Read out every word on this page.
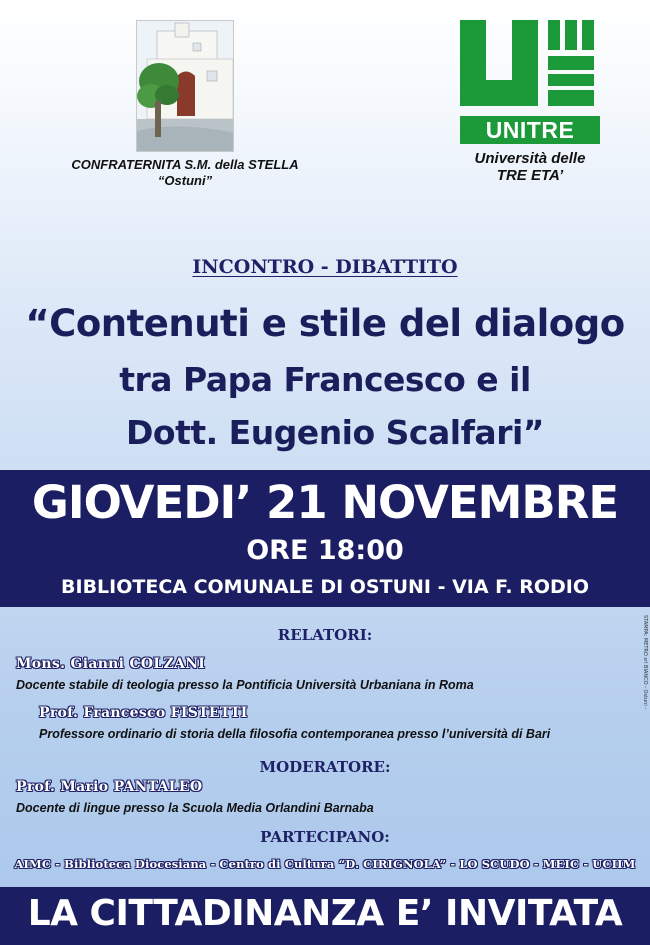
CONFRATERNITA S.M. della STELLA
“Ostuni”
UNITRE
Università delle
TRE ETA’
INCONTRO - DIBATTITO
“Contenuti e stile del dialogo
tra Papa Francesco e il
Dott. Eugenio Scalfari”
GIOVEDI’ 21 NOVEMBRE
ORE 18:00
BIBLIOTECA COMUNALE DI OSTUNI - VIA F. RODIO
STAMPA: METRO srl BIANCO - Ostuni -
RELATORI:
Mons. Gianni COLZANI
Docente stabile di teologia presso la Pontificia Università Urbaniana in Roma
Prof. Francesco FISTETTI
Professore ordinario di storia della filosofia contemporanea presso l’università di Bari
MODERATORE:
Prof. Mario PANTALEO
Docente di lingue presso la Scuola Media Orlandini Barnaba
PARTECIPANO:
AIMC - Biblioteca Diocesiana - Centro di Cultura “D. CIRIGNOLA” - LO SCUDO - MEIC - UCIIM
LA CITTADINANZA E’ INVITATA
